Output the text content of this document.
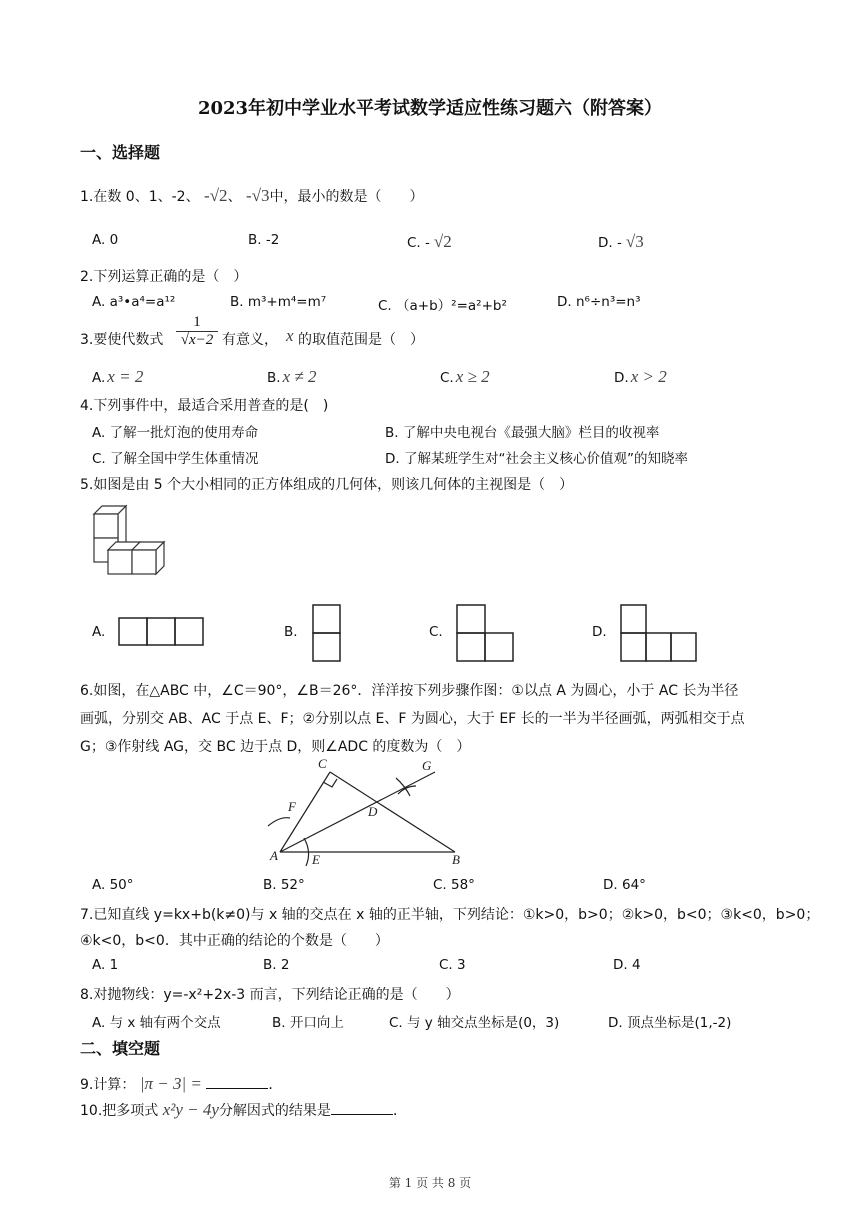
2023年初中学业水平考试数学适应性练习题六（附答案）
一、选择题
1.在数 0、1、-2、 -√2、 -√3中，最小的数是（　　）
A. 0	B. -2	C. - √2	D. - √3
2.下列运算正确的是（　）
A. a³•a⁴=a¹²	B. m³+m⁴=m⁷	C. （a+b）²=a²+b²	D. n⁶÷n³=n³
3.要使代数式 $\frac{1}{√x-2}$ 有意义， x 的取值范围是（　）
A. x = 2	B. x ≠ 2	C. x ≥ 2	D. x > 2
4.下列事件中，最适合采用普查的是(　)
A. 了解一批灯泡的使用寿命	B. 了解中央电视台《最强大脑》栏目的收视率
C. 了解全国中学生体重情况	D. 了解某班学生对“社会主义核心价值观”的知晓率
5.如图是由 5 个大小相同的正方体组成的几何体，则该几何体的主视图是（　）
A.	B.	C.	D.
6.如图，在△ABC 中，∠C＝90°，∠B＝26°．洋洋按下列步骤作图：①以点 A 为圆心，小于 AC 长为半径
画弧，分别交 AB、AC 于点 E、F；②分别以点 E、F 为圆心，大于 EF 长的一半为半径画弧，两弧相交于点
G；③作射线 AG，交 BC 边于点 D，则∠ADC 的度数为（　）
C
F	D
G
A	E	B
A. 50°	B. 52°	C. 58°	D. 64°
7.已知直线 y=kx+b(k≠0)与 x 轴的交点在 x 轴的正半轴，下列结论：①k>0，b>0；②k>0，b<0；③k<0，b>0；
④k<0，b<0．其中正确的结论的个数是（　　）
A. 1	B. 2	C. 3	D. 4
8.对抛物线：y=-x²+2x-3 而言，下列结论正确的是（　　）
A. 与 x 轴有两个交点	B. 开口向上	C. 与 y 轴交点坐标是(0，3)	D. 顶点坐标是(1,-2)
二、填空题
9.计算： |π − 3| =	．
10.把多项式 x²y − 4y分解因式的结果是	．
第 1 页 共 8 页
